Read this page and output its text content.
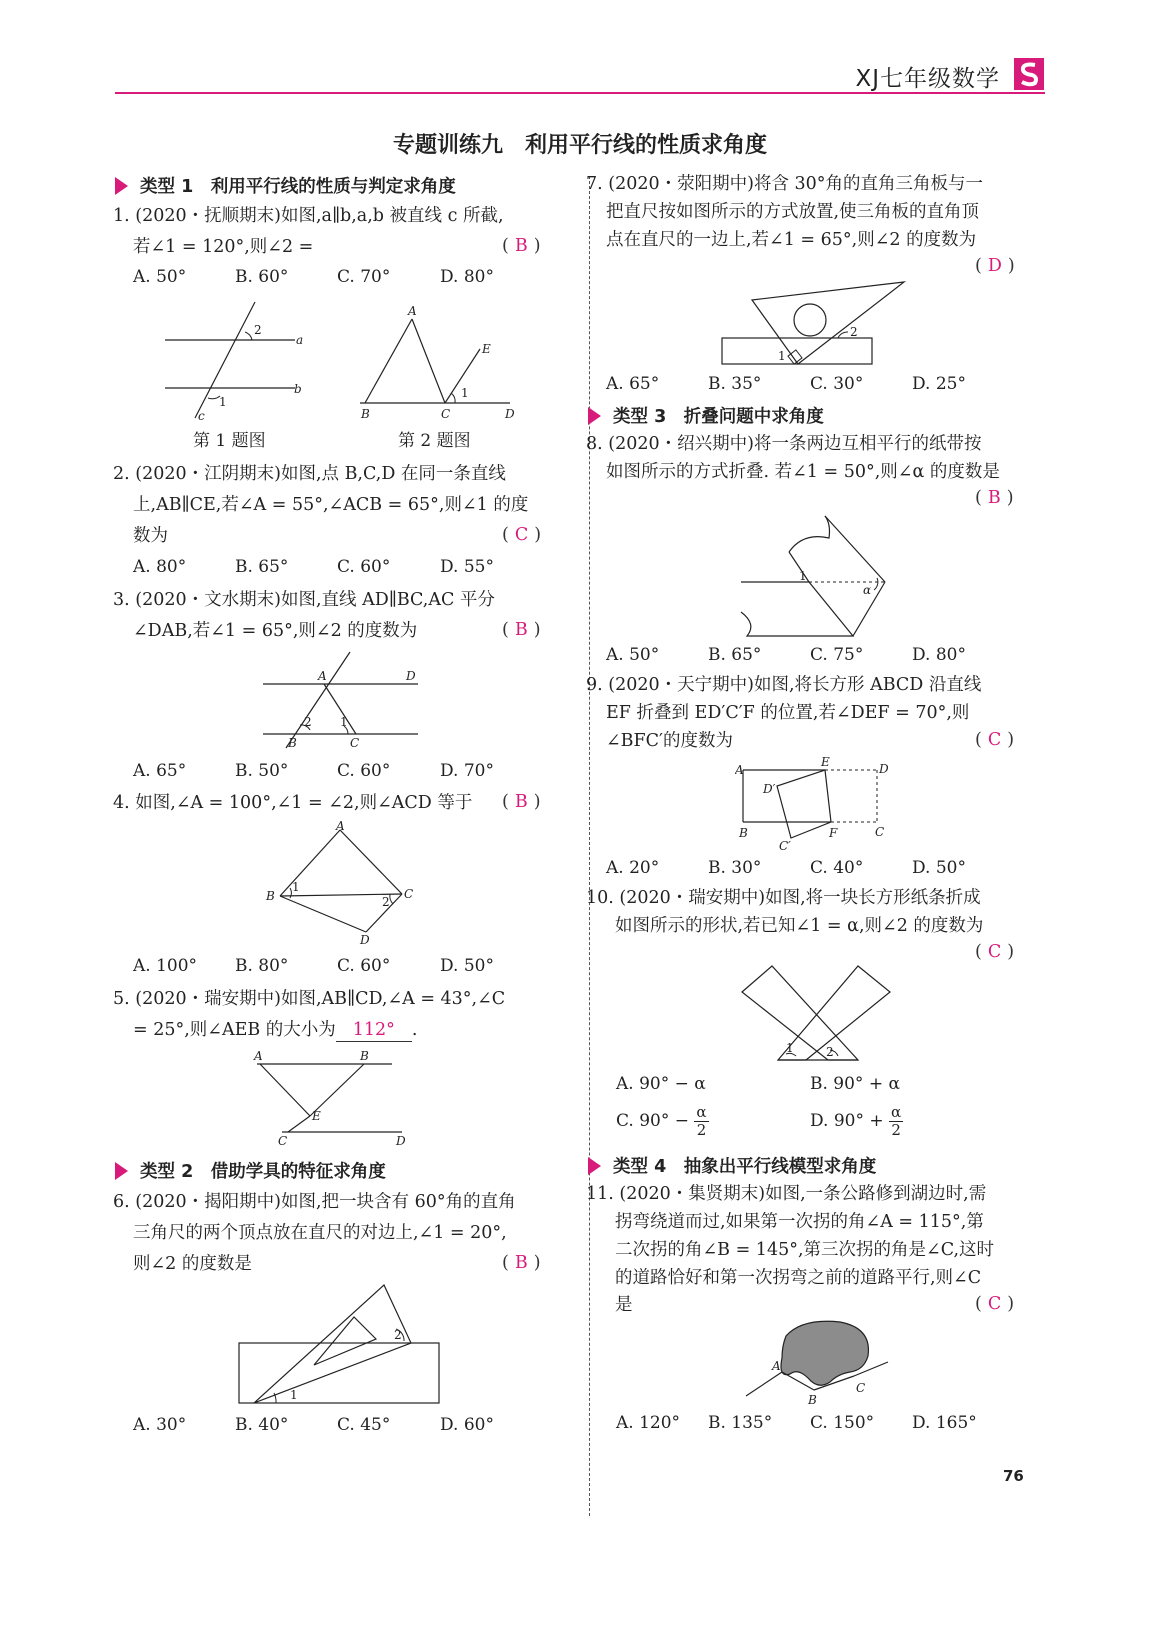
XJ七年级数学
专题训练九　利用平行线的性质求角度
类型 1　利用平行线的性质与判定求角度
1. (2020・抚顺期末)如图,a∥b,a,b 被直线 c 所截,
若∠1 = 120°,则∠2 =	( B )
A. 50°	B. 60°	C. 70°	D. 80°
2
a
b
1
c
第 1 题图
A
E
1
B	C	D
第 2 题图
2. (2020・江阴期末)如图,点 B,C,D 在同一条直线
上,AB∥CE,若∠A = 55°,∠ACB = 65°,则∠1 的度
数为	( C )
A. 80°	B. 65°	C. 60°	D. 55°
3. (2020・文水期末)如图,直线 AD∥BC,AC 平分
∠DAB,若∠1 = 65°,则∠2 的度数为	( B )
A	D
2 1
B	C
A. 65°	B. 50°	C. 60°	D. 70°
4. 如图,∠A = 100°,∠1 = ∠2,则∠ACD 等于 ( B )
A
B
1	C
2
D
A. 100° B. 80°	C. 60°	D. 50°
5. (2020・瑞安期中)如图,AB∥CD,∠A = 43°,∠C
= 25°,则∠AEB 的大小为 112° .
A	B
E
C	D
类型 2　借助学具的特征求角度
6. (2020・揭阳期中)如图,把一块含有 60°角的直角
三角尺的两个顶点放在直尺的对边上,∠1 = 20°,
则∠2 的度数是	( B )
2
1
A. 30°	B. 40°	C. 45°	D. 60°
7. (2020・荥阳期中)将含 30°角的直角三角板与一
把直尺按如图所示的方式放置,使三角板的直角顶
点在直尺的一边上,若∠1 = 65°,则∠2 的度数为
( D )
2
1
A. 65°	B. 35°	C. 30°	D. 25°
类型 3　折叠问题中求角度
8. (2020・绍兴期中)将一条两边互相平行的纸带按
如图所示的方式折叠. 若∠1 = 50°,则∠α 的度数是
( B )
1
α
A. 50°	B. 65°	C. 75°	D. 80°
9. (2020・天宁期中)如图,将长方形 ABCD 沿直线
EF 折叠到 ED′C′F 的位置,若∠DEF = 70°,则
∠BFC′的度数为	( C )
A
E	D
D′
B	F	C
C′
A. 20°	B. 30°	C. 40°	D. 50°
10. (2020・瑞安期中)如图,将一块长方形纸条折成
如图所示的形状,若已知∠1 = α,则∠2 的度数为
( C )
1	2
A. 90° − α	B. 90° + α
C. $90^\circ - \frac{\alpha}{2}$	D. $90^\circ + \frac{\alpha}{2}$
类型 4　抽象出平行线模型求角度
11. (2020・集贤期末)如图,一条公路修到湖边时,需
拐弯绕道而过,如果第一次拐的角∠A = 115°,第
二次拐的角∠B = 145°,第三次拐的角是∠C,这时
的道路恰好和第一次拐弯之前的道路平行,则∠C
是	( C )
A
B
C
A. 120° B. 135° C. 150° D. 165°
76
